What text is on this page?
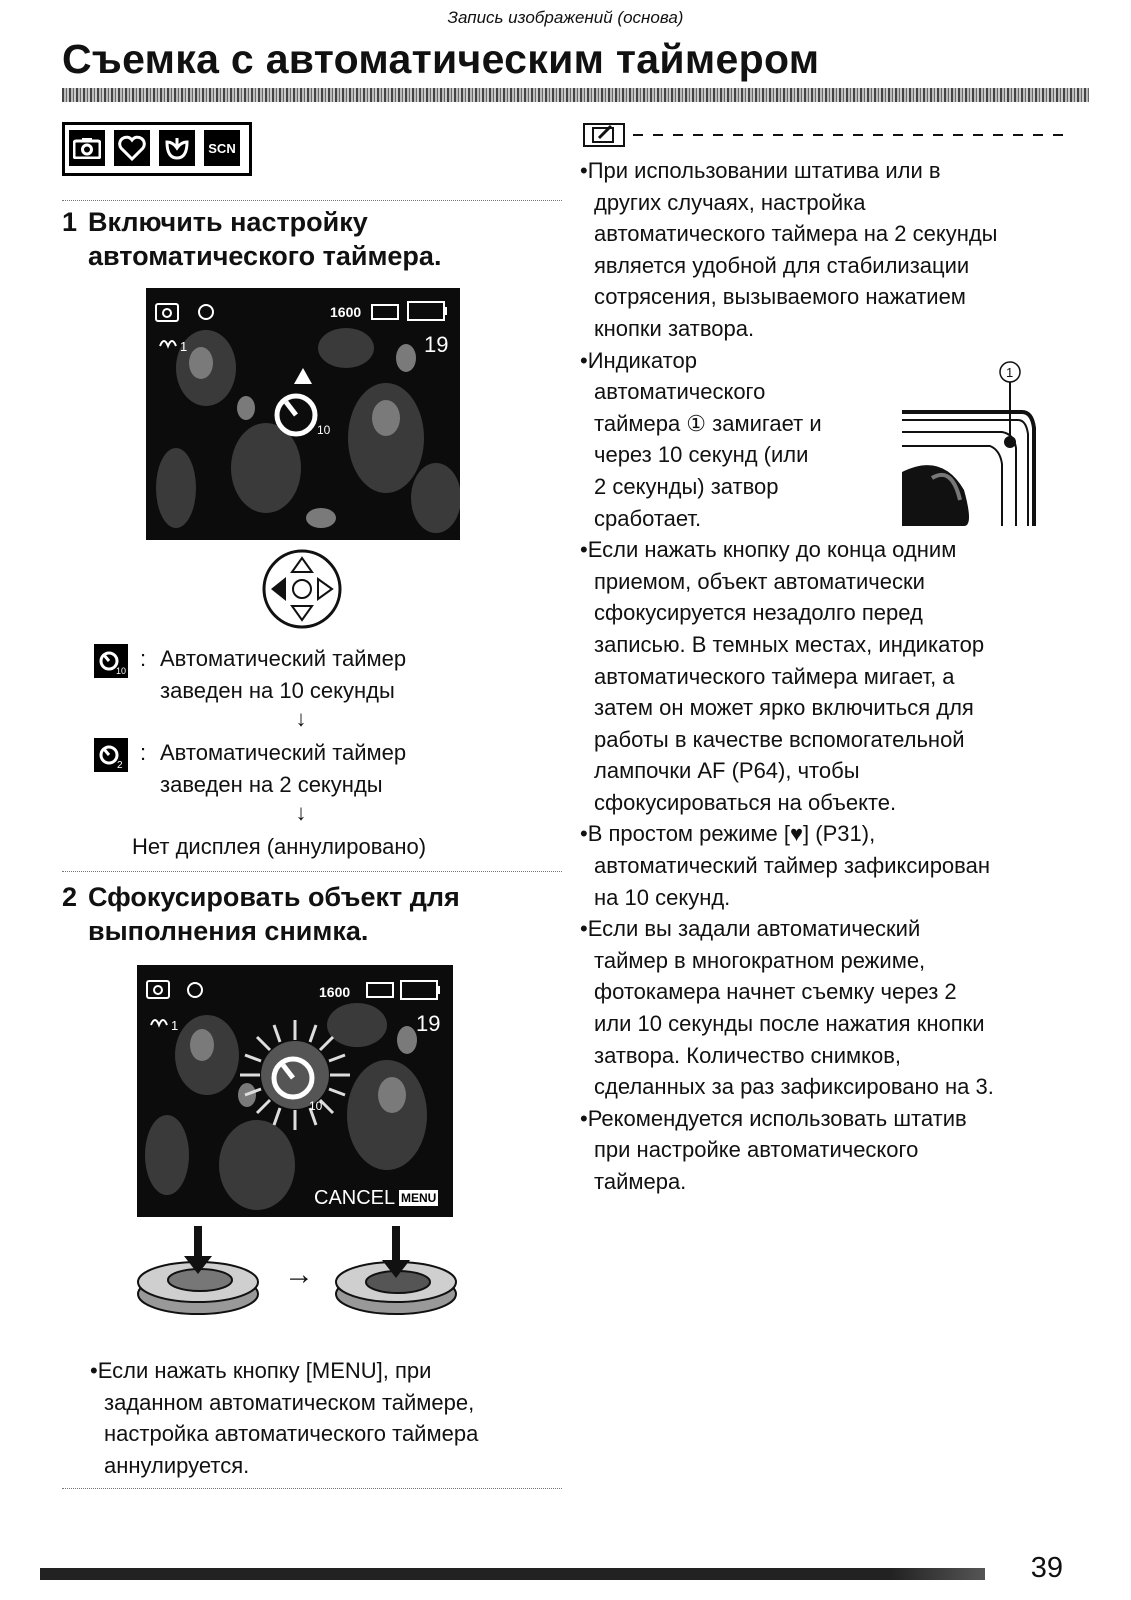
Запись изображений (основа)
Съемка с автоматическим таймером
SCN
1 Включить настройку
автоматического таймера.
1600
1	19
10
10 : Автоматический таймер
заведен на 10 секунды
↓
2
: Автоматический таймер
заведен на 2 секунды
↓
Нет дисплея (аннулировано)
2 Сфокусировать объект для
выполнения снимка.
1600
1	19
10
CANCEL MENU
→
•Если нажать кнопку [MENU], при
заданном автоматическом таймере,
настройка автоматического таймера
аннулируется.
•При использовании штатива или в
других случаях, настройка
автоматического таймера на 2 секунды
является удобной для стабилизации
сотрясения, вызываемого нажатием
кнопки затвора.
•Индикатор
автоматического
таймера ① замигает и
через 10 секунд (или
2 секунды) затвор
сработает.
•Если нажать кнопку до конца одним
приемом, объект автоматически
сфокусируется незадолго перед
записью. В темных местах, индикатор
автоматического таймера мигает, а
затем он может ярко включиться для
работы в качестве вспомогательной
лампочки AF (P64), чтобы
сфокусироваться на объекте.
•В простом режиме [♥] (P31),
автоматический таймер зафиксирован
на 10 секунд.
•Если вы задали автоматический
таймер в многократном режиме,
фотокамера начнет съемку через 2
или 10 секунды после нажатия кнопки
затвора. Количество снимков,
сделанных за раз зафиксировано на 3.
•Рекомендуется использовать штатив
при настройке автоматического
таймера.
1
39
